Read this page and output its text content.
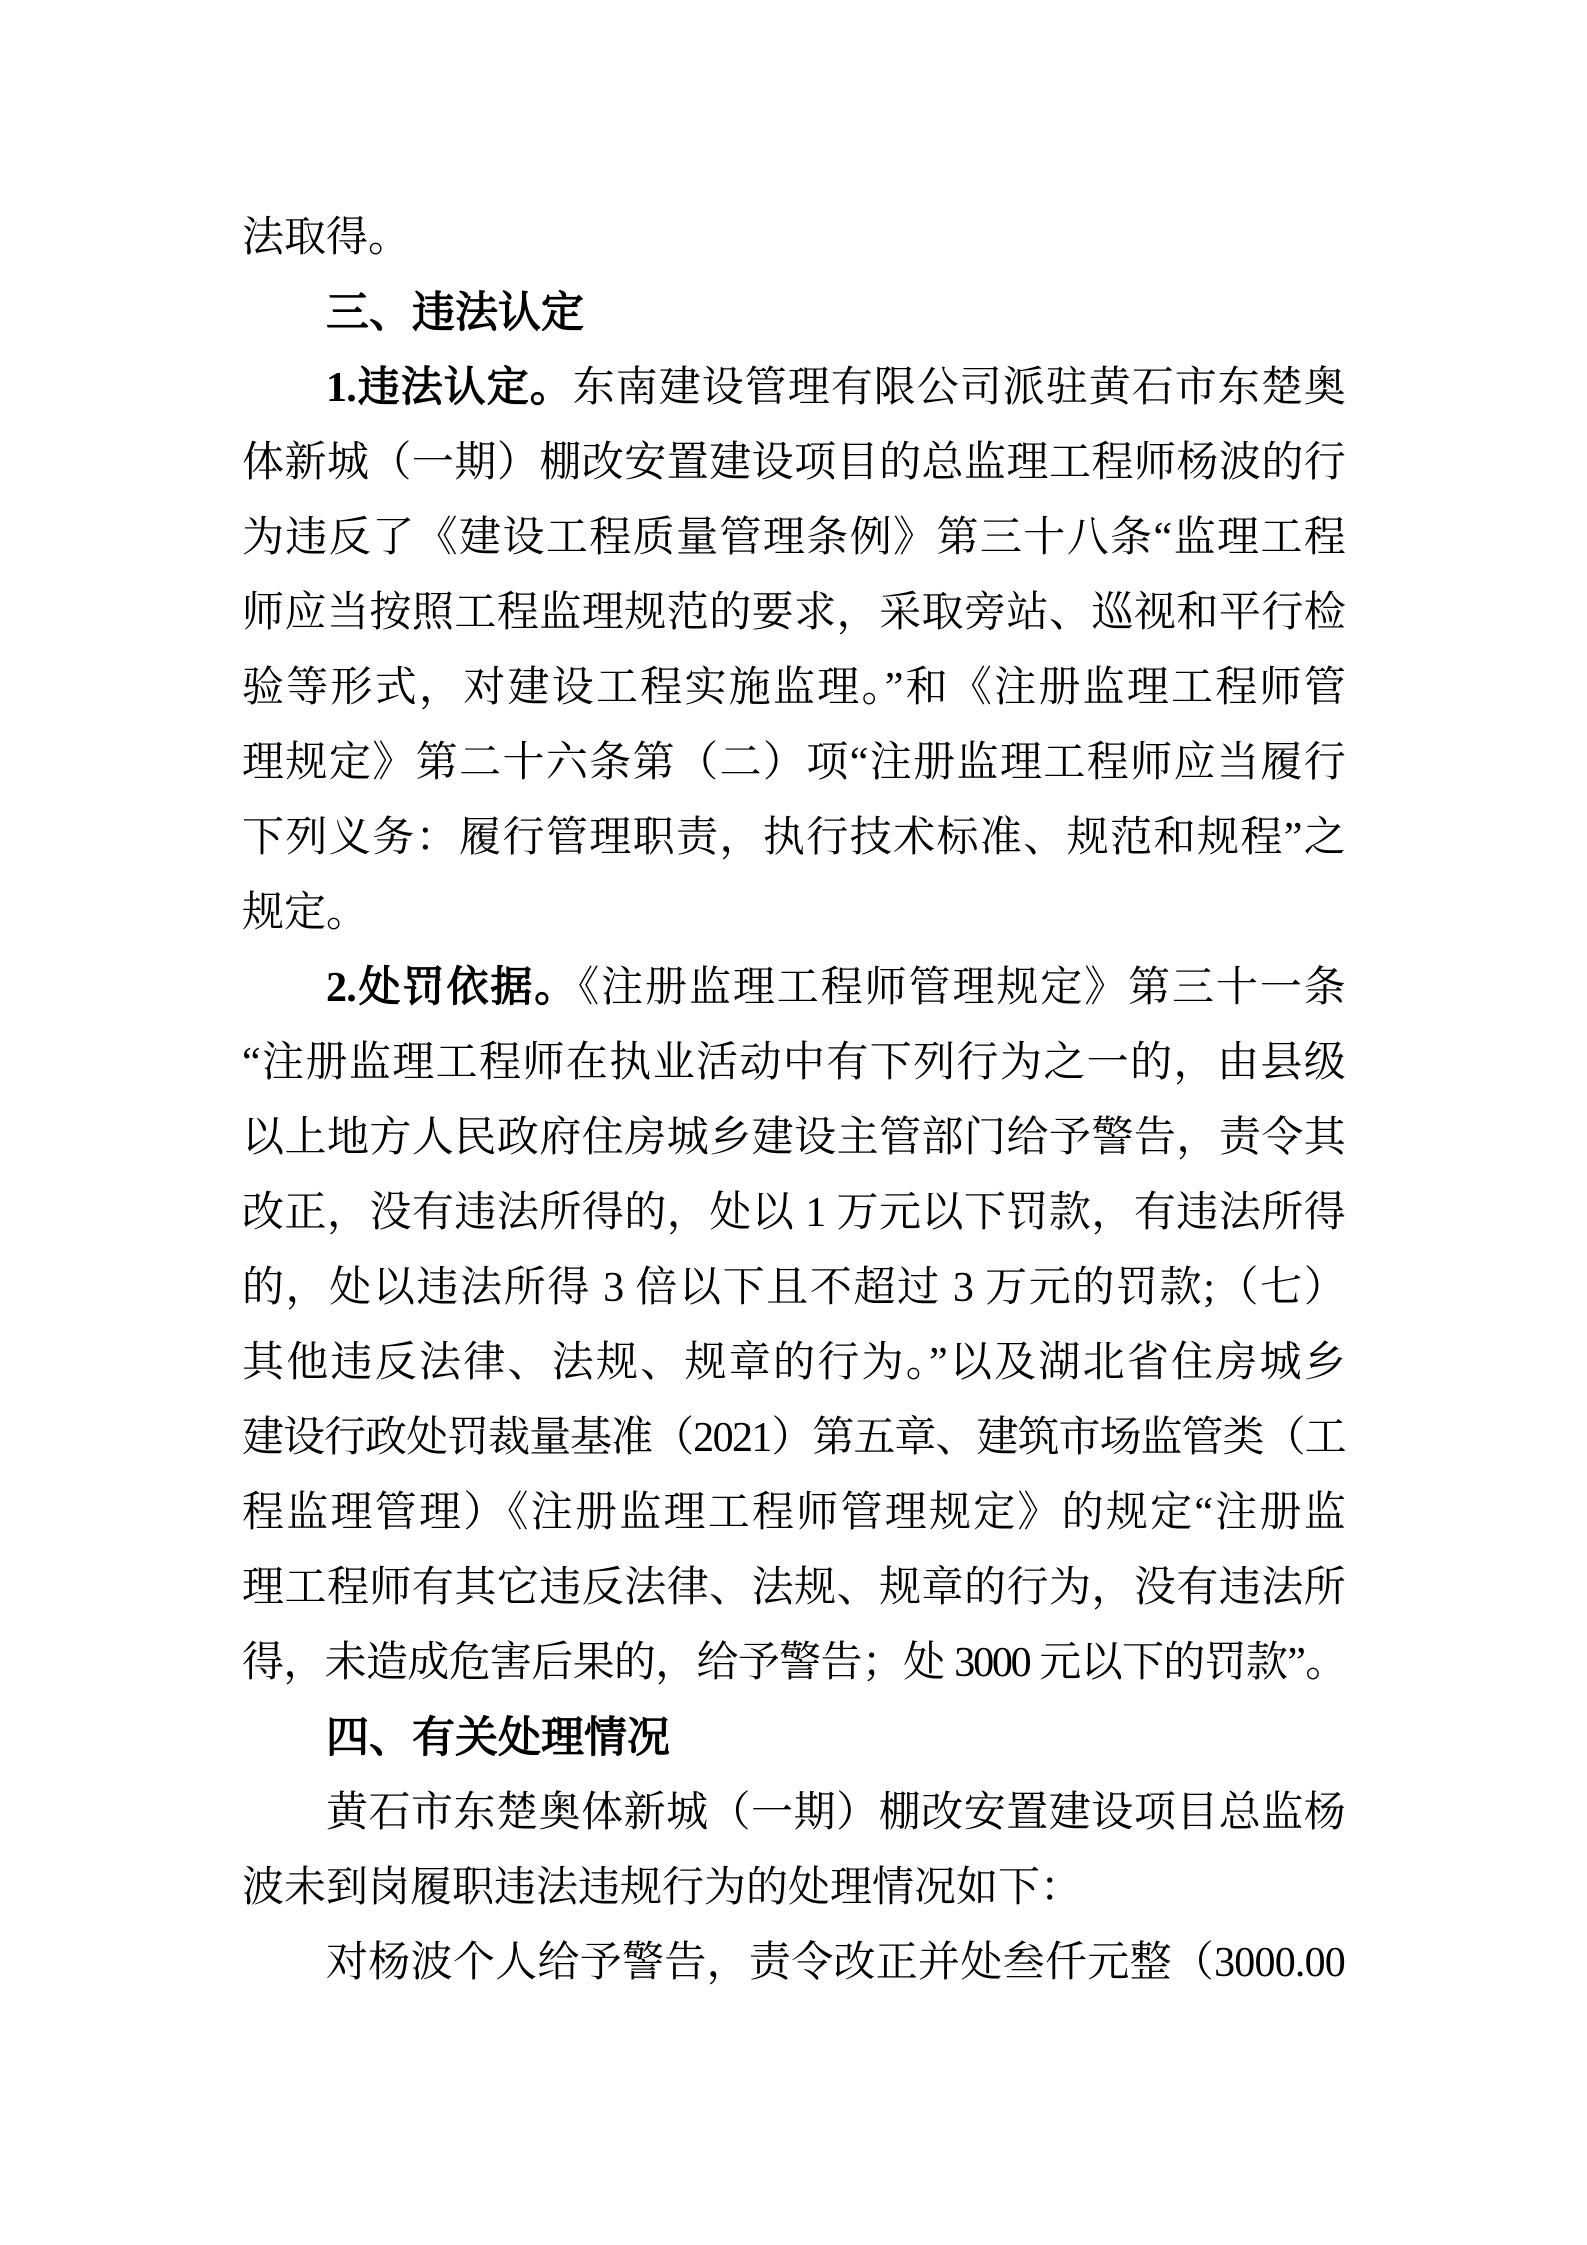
法取得。
三、违法认定
1.违法认定。东南建设管理有限公司派驻黄石市东楚奥
体新城（一期）棚改安置建设项目的总监理工程师杨波的行
为违反了《建设工程质量管理条例》第三十八条“监理工程
师应当按照工程监理规范的要求，采取旁站、巡视和平行检
验等形式，对建设工程实施监理。”和《注册监理工程师管
理规定》第二十六条第（二）项“注册监理工程师应当履行
下列义务：履行管理职责，执行技术标准、规范和规程”之
规定。
2.处罚依据。《注册监理工程师管理规定》第三十一条
“注册监理工程师在执业活动中有下列行为之一的，由县级
以上地方人民政府住房城乡建设主管部门给予警告，责令其
改正，没有违法所得的，处以 1 万元以下罚款，有违法所得
的，处以违法所得 3 倍以下且不超过 3 万元的罚款;（七）
其他违反法律、法规、规章的行为。”以及湖北省住房城乡
建设行政处罚裁量基准（2021）第五章、建筑市场监管类（工
程监理管理）《注册监理工程师管理规定》的规定“注册监
理工程师有其它违反法律、法规、规章的行为，没有违法所
得，未造成危害后果的，给予警告；处 3000 元以下的罚款”。
四、有关处理情况
黄石市东楚奥体新城（一期）棚改安置建设项目总监杨
波未到岗履职违法违规行为的处理情况如下：
对杨波个人给予警告，责令改正并处叁仟元整（3000.00
